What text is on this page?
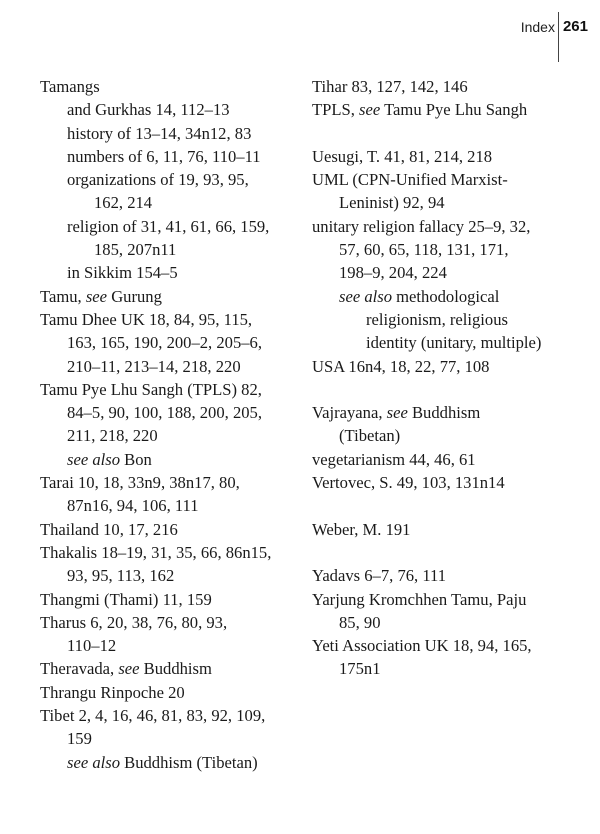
Index 261
Tamangs
and Gurkhas 14, 112–13
history of 13–14, 34n12, 83
numbers of 6, 11, 76, 110–11
organizations of 19, 93, 95,
162, 214
religion of 31, 41, 61, 66, 159,
185, 207n11
in Sikkim 154–5
Tamu, see Gurung
Tamu Dhee UK 18, 84, 95, 115,
163, 165, 190, 200–2, 205–6,
210–11, 213–14, 218, 220
Tamu Pye Lhu Sangh (TPLS) 82,
84–5, 90, 100, 188, 200, 205,
211, 218, 220
see also Bon
Tarai 10, 18, 33n9, 38n17, 80,
87n16, 94, 106, 111
Thailand 10, 17, 216
Thakalis 18–19, 31, 35, 66, 86n15,
93, 95, 113, 162
Thangmi (Thami) 11, 159
Tharus 6, 20, 38, 76, 80, 93,
110–12
Theravada, see Buddhism
Thrangu Rinpoche 20
Tibet 2, 4, 16, 46, 81, 83, 92, 109,
159
see also Buddhism (Tibetan)
Tihar 83, 127, 142, 146
TPLS, see Tamu Pye Lhu Sangh
Uesugi, T. 41, 81, 214, 218
UML (CPN-Unified Marxist-
Leninist) 92, 94
unitary religion fallacy 25–9, 32,
57, 60, 65, 118, 131, 171,
198–9, 204, 224
see also methodological
religionism, religious
identity (unitary, multiple)
USA 16n4, 18, 22, 77, 108
Vajrayana, see Buddhism
(Tibetan)
vegetarianism 44, 46, 61
Vertovec, S. 49, 103, 131n14
Weber, M. 191
Yadavs 6–7, 76, 111
Yarjung Kromchhen Tamu, Paju
85, 90
Yeti Association UK 18, 94, 165,
175n1
